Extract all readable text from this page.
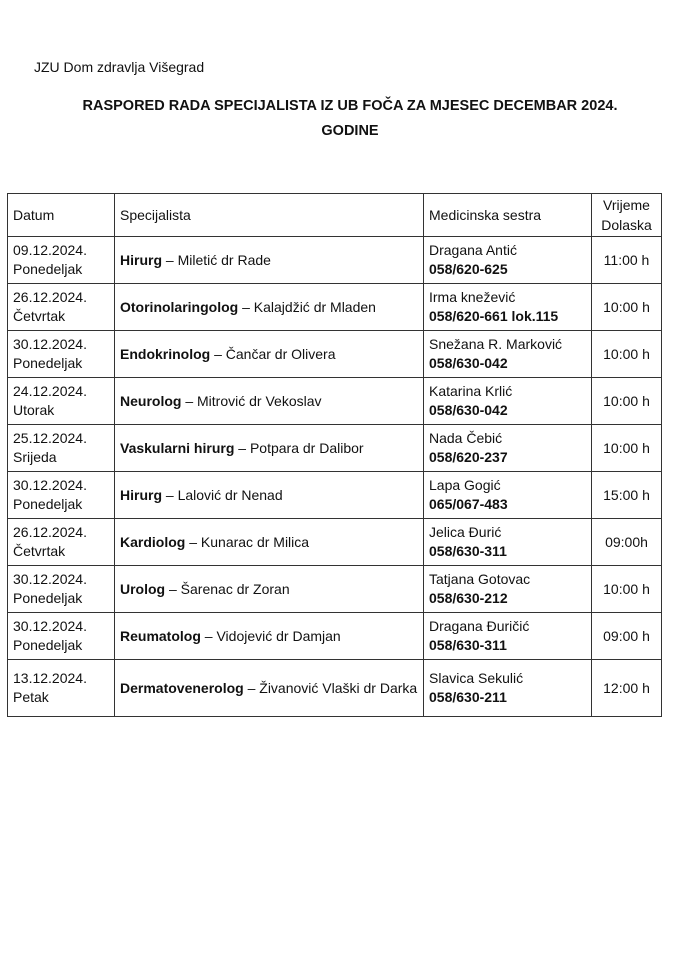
JZU Dom zdravlja Višegrad
RASPORED RADA SPECIJALISTA IZ UB FOČA ZA MJESEC DECEMBAR 2024.
GODINE
Datum	Specijalista	Medicinska sestra	Vrijeme
Dolaska

09.12.2024.
Ponedeljak	Hirurg – Miletić dr Rade	Dragana Antić
058/620-625	11:00 h

26.12.2024.
Četvrtak	Otorinolaringolog – Kalajdžić dr Mladen	Irma knežević
058/620-661 lok.115	10:00 h

30.12.2024.
Ponedeljak	Endokrinolog – Čančar dr Olivera	Snežana R. Marković
058/630-042	10:00 h

24.12.2024.
Utorak	Neurolog – Mitrović dr Vekoslav	Katarina Krlić
058/630-042	10:00 h

25.12.2024.
Srijeda	Vaskularni hirurg – Potpara dr Dalibor	Nada Čebić
058/620-237	10:00 h

30.12.2024.
Ponedeljak	Hirurg – Lalović dr Nenad	Lapa Gogić
065/067-483	15:00 h

26.12.2024.
Četvrtak	Kardiolog – Kunarac dr Milica	Jelica Đurić
058/630-311	09:00h

30.12.2024.
Ponedeljak	Urolog – Šarenac dr Zoran	Tatjana Gotovac
058/630-212	10:00 h

30.12.2024.
Ponedeljak	Reumatolog – Vidojević dr Damjan	Dragana Đuričić
058/630-311	09:00 h

13.12.2024.
Petak	Dermatovenerolog – Živanović Vlaški dr Darka	Slavica Sekulić
058/630-211	12:00 h
